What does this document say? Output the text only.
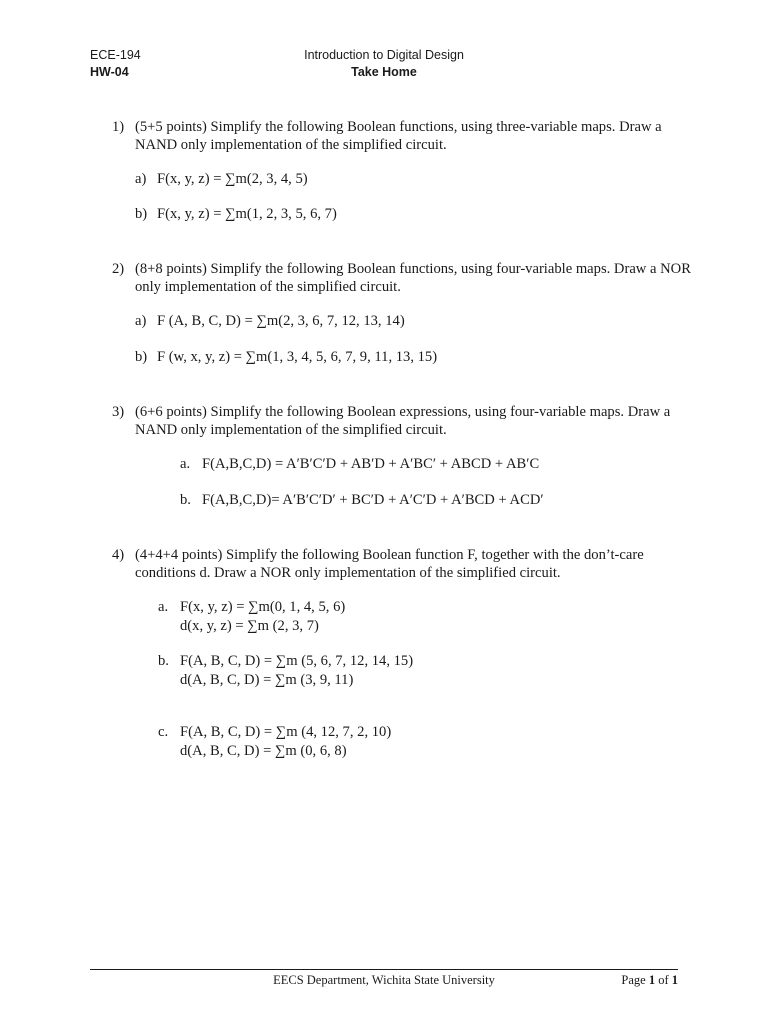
ECE-194
HW-04
Introduction to Digital Design
Take Home
1) (5+5 points) Simplify the following Boolean functions, using three-variable maps. Draw a NAND only implementation of the simplified circuit.
a) F(x, y, z) = ∑m(2, 3, 4, 5)
b) F(x, y, z) = ∑m(1, 2, 3, 5, 6, 7)
2) (8+8 points) Simplify the following Boolean functions, using four-variable maps. Draw a NOR only implementation of the simplified circuit.
a) F (A, B, C, D) = ∑m(2, 3, 6, 7, 12, 13, 14)
b) F (w, x, y, z) = ∑m(1, 3, 4, 5, 6, 7, 9, 11, 13, 15)
3) (6+6 points) Simplify the following Boolean expressions, using four-variable maps. Draw a NAND only implementation of the simplified circuit.
a. F(A,B,C,D) = A′B′C′D + AB′D + A′BC′ + ABCD + AB′C
b. F(A,B,C,D)= A′B′C′D′ + BC′D + A′C′D + A′BCD + ACD′
4) (4+4+4 points) Simplify the following Boolean function F, together with the don’t-care conditions d. Draw a NOR only implementation of the simplified circuit.
a. F(x, y, z) = ∑m(0, 1, 4, 5, 6)
d(x, y, z) = ∑m (2, 3, 7)
b. F(A, B, C, D) = ∑m (5, 6, 7, 12, 14, 15)
d(A, B, C, D) = ∑m (3, 9, 11)
c. F(A, B, C, D) = ∑m (4, 12, 7, 2, 10)
d(A, B, C, D) = ∑m (0, 6, 8)
EECS Department, Wichita State University	Page 1 of 1
